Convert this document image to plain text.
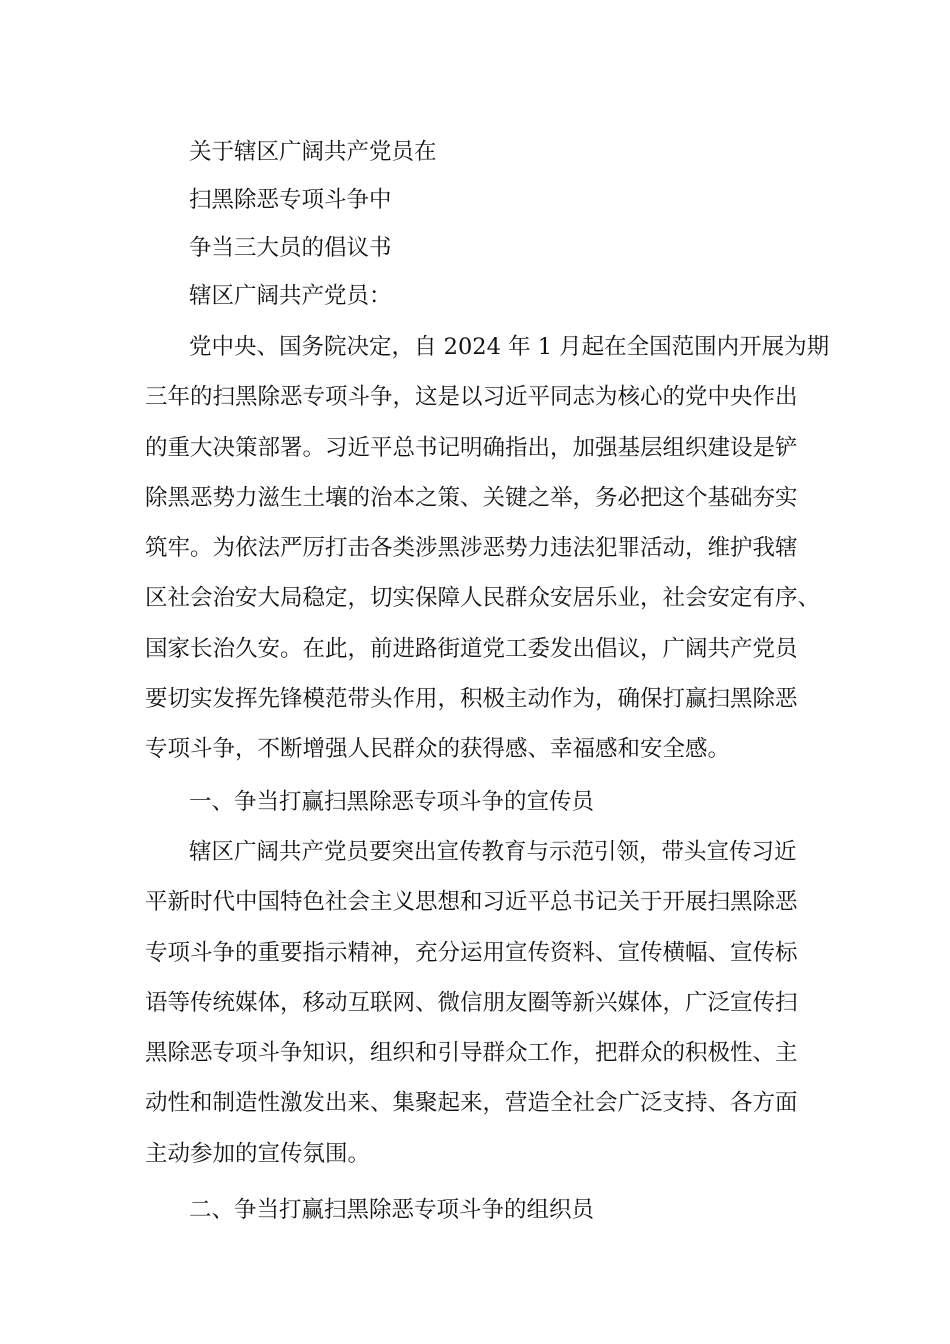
关于辖区广阔共产党员在

扫黑除恶专项斗争中

争当三大员的倡议书

辖区广阔共产党员：

党中央、国务院决定，自 2024 年 1 月起在全国范围内开展为期

三年的扫黑除恶专项斗争，这是以习近平同志为核心的党中央作出

的重大决策部署。习近平总书记明确指出，加强基层组织建设是铲

除黑恶势力滋生土壤的治本之策、关键之举，务必把这个基础夯实

筑牢。为依法严厉打击各类涉黑涉恶势力违法犯罪活动，维护我辖

区社会治安大局稳定，切实保障人民群众安居乐业，社会安定有序、

国家长治久安。在此，前进路街道党工委发出倡议，广阔共产党员

要切实发挥先锋模范带头作用，积极主动作为，确保打赢扫黑除恶

专项斗争，不断增强人民群众的获得感、幸福感和安全感。

一、争当打赢扫黑除恶专项斗争的宣传员

辖区广阔共产党员要突出宣传教育与示范引领，带头宣传习近

平新时代中国特色社会主义思想和习近平总书记关于开展扫黑除恶

专项斗争的重要指示精神，充分运用宣传资料、宣传横幅、宣传标

语等传统媒体，移动互联网、微信朋友圈等新兴媒体，广泛宣传扫

黑除恶专项斗争知识，组织和引导群众工作，把群众的积极性、主

动性和制造性激发出来、集聚起来，营造全社会广泛支持、各方面

主动参加的宣传氛围。

二、争当打赢扫黑除恶专项斗争的组织员
